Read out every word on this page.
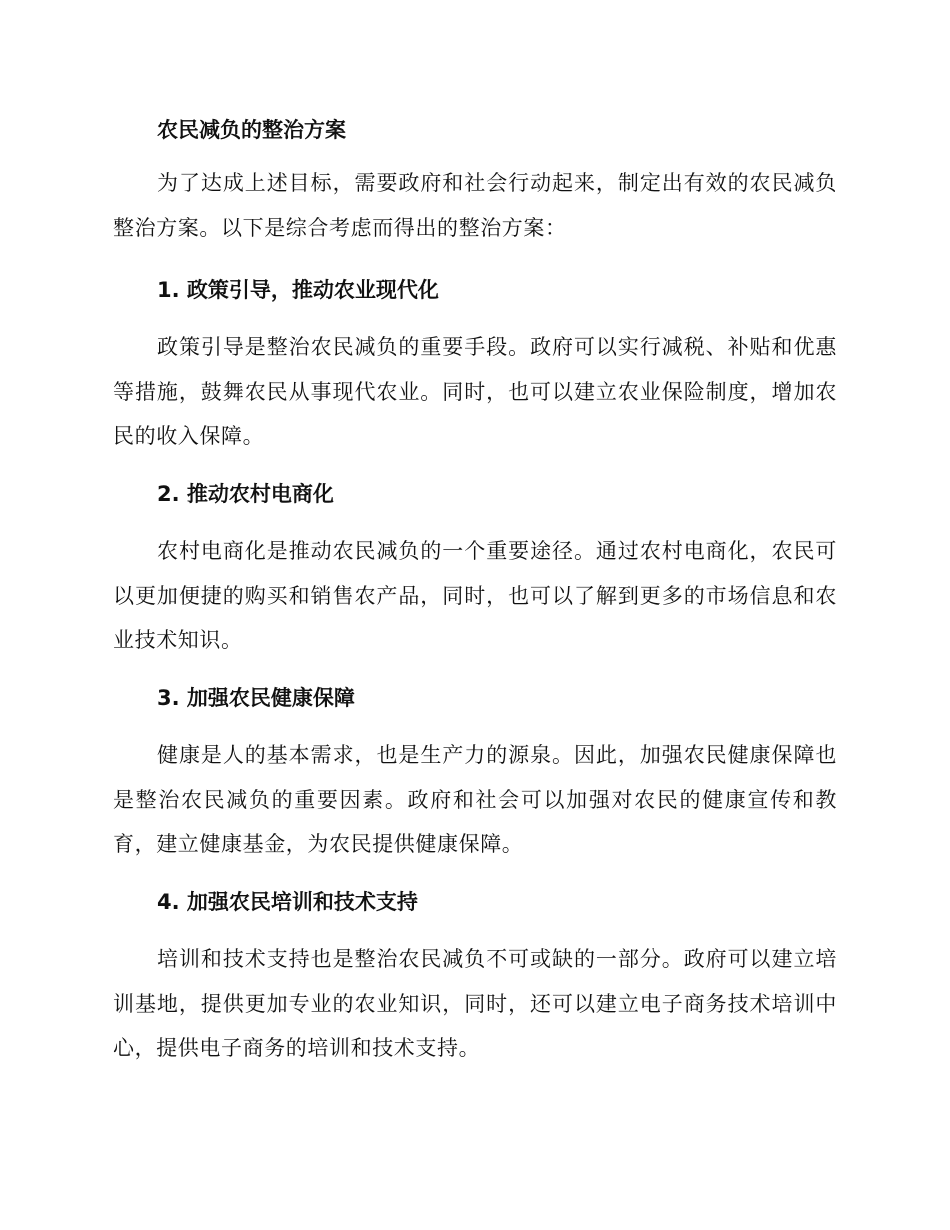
农民减负的整治方案

为了达成上述目标，需要政府和社会行动起来，制定出有效的农民减负整治方案。以下是综合考虑而得出的整治方案：

1. 政策引导，推动农业现代化

政策引导是整治农民减负的重要手段。政府可以实行减税、补贴和优惠等措施，鼓舞农民从事现代农业。同时，也可以建立农业保险制度，增加农民的收入保障。

2. 推动农村电商化

农村电商化是推动农民减负的一个重要途径。通过农村电商化，农民可以更加便捷的购买和销售农产品，同时，也可以了解到更多的市场信息和农业技术知识。

3. 加强农民健康保障

健康是人的基本需求，也是生产力的源泉。因此，加强农民健康保障也是整治农民减负的重要因素。政府和社会可以加强对农民的健康宣传和教育，建立健康基金，为农民提供健康保障。

4. 加强农民培训和技术支持

培训和技术支持也是整治农民减负不可或缺的一部分。政府可以建立培训基地，提供更加专业的农业知识，同时，还可以建立电子商务技术培训中心，提供电子商务的培训和技术支持。
